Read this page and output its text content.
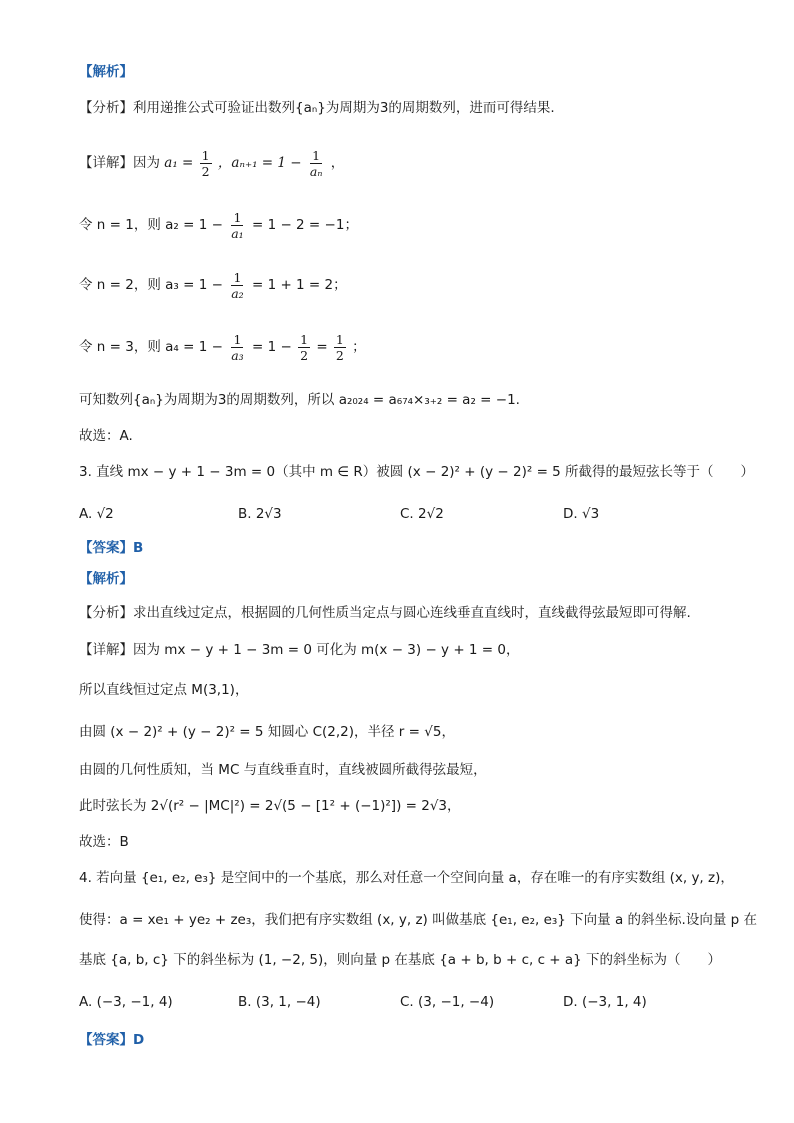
【解析】
【分析】利用递推公式可验证出数列{aₙ}为周期为3的周期数列，进而可得结果.
【详解】因为 $a_1 = \frac{1}{2}$ ，$a_{n+1} = 1 - \frac{1}{\text{aₙ}}$ ，
令 n = 1，则 $a_2 = 1 - \frac{1}{\text{a₁}} = 1 - 2 = -1$；
令 n = 2，则 $a_3 = 1 - \frac{1}{\text{a₂}} = 1 + 1 = 2$；
令 n = 3，则 $a_4 = 1 - \frac{1}{\text{a₃}} = 1 - \frac{1}{2} = \frac{1}{2}$ ；
可知数列{aₙ}为周期为3的周期数列，所以 a₂₀₂₄ = a₆₇₄×₃₊₂ = a₂ = −1.
故选：A.
3. 直线 mx − y + 1 − 3m = 0（其中 m ∈ R）被圆 (x − 2)² + (y − 2)² = 5 所截得的最短弦长等于（　　）
A. √2	B. 2√3	C. 2√2	D. √3
【答案】B
【解析】
【分析】求出直线过定点，根据圆的几何性质当定点与圆心连线垂直直线时，直线截得弦最短即可得解.
【详解】因为 mx − y + 1 − 3m = 0 可化为 m(x − 3) − y + 1 = 0，
所以直线恒过定点 M(3,1)，
由圆 (x − 2)² + (y − 2)² = 5 知圆心 C(2,2)，半径 r = √5，
由圆的几何性质知，当 MC 与直线垂直时，直线被圆所截得弦最短，
此时弦长为 2√(r² − |MC|²) = 2√(5 − [1² + (−1)²]) = 2√3，
故选：B
4. 若向量 {e₁, e₂, e₃} 是空间中的一个基底，那么对任意一个空间向量 a，存在唯一的有序实数组 (x, y, z)，
使得：a = xe₁ + ye₂ + ze₃，我们把有序实数组 (x, y, z) 叫做基底 {e₁, e₂, e₃} 下向量 a 的斜坐标.设向量 p 在
基底 {a, b, c} 下的斜坐标为 (1, −2, 5)，则向量 p 在基底 {a + b, b + c, c + a} 下的斜坐标为（　　）
A. (−3, −1, 4)	B. (3, 1, −4)	C. (3, −1, −4)	D. (−3, 1, 4)
【答案】D
